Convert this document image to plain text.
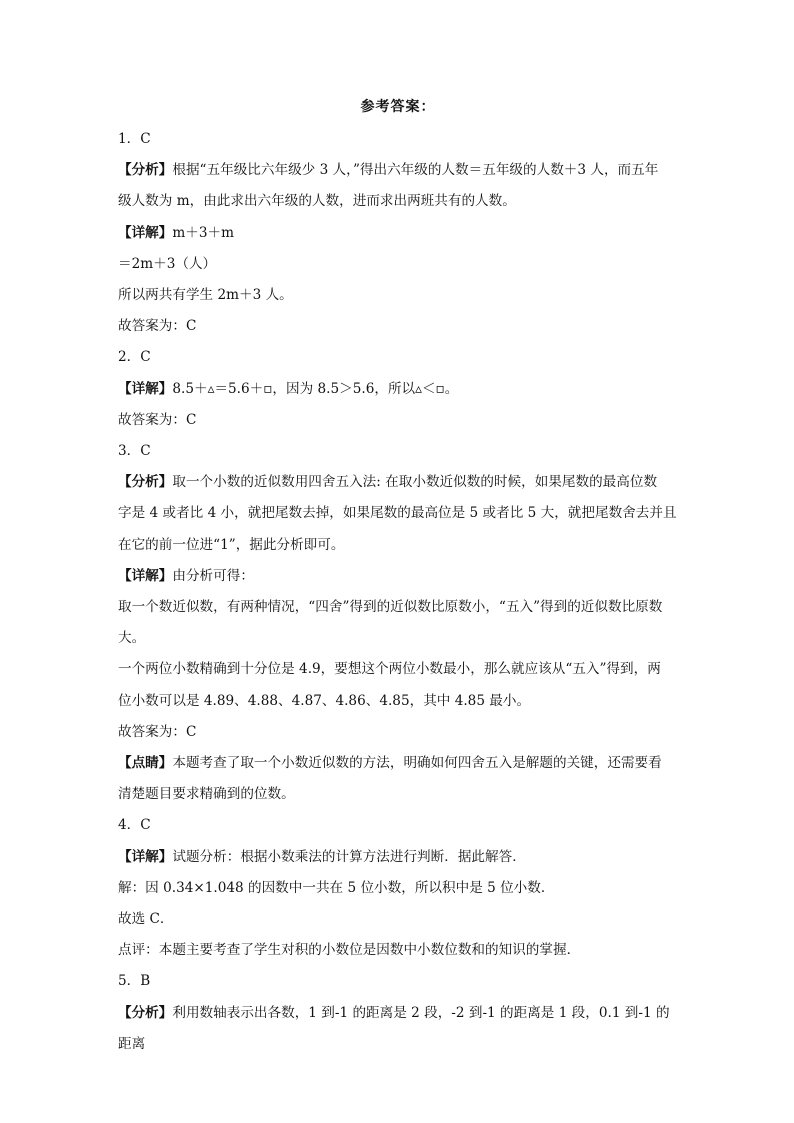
参考答案：
1．C
【分析】根据“五年级比六年级少 3 人，”得出六年级的人数＝五年级的人数＋3 人，而五年
级人数为 m，由此求出六年级的人数，进而求出两班共有的人数。
【详解】m＋3＋m
＝2m＋3（人）
所以两共有学生 2m＋3 人。
故答案为：C
2．C
【详解】8.5＋▵＝5.6＋▫，因为 8.5＞5.6，所以▵＜▫。
故答案为：C
3．C
【分析】取一个小数的近似数用四舍五入法: 在取小数近似数的时候，如果尾数的最高位数
字是 4 或者比 4 小，就把尾数去掉，如果尾数的最高位是 5 或者比 5 大，就把尾数舍去并且
在它的前一位进“1”，据此分析即可。
【详解】由分析可得：
取一个数近似数，有两种情况，“四舍”得到的近似数比原数小，“五入”得到的近似数比原数
大。
一个两位小数精确到十分位是 4.9，要想这个两位小数最小，那么就应该从“五入”得到，两
位小数可以是 4.89、4.88、4.87、4.86、4.85，其中 4.85 最小。
故答案为：C
【点睛】本题考查了取一个小数近似数的方法，明确如何四舍五入是解题的关键，还需要看
清楚题目要求精确到的位数。
4．C
【详解】试题分析：根据小数乘法的计算方法进行判断．据此解答．
解：因 0.34×1.048 的因数中一共在 5 位小数，所以积中是 5 位小数．
故选 C．
点评：本题主要考查了学生对积的小数位是因数中小数位数和的知识的掌握．
5．B
【分析】利用数轴表示出各数，1 到-1 的距离是 2 段，-2 到-1 的距离是 1 段，0.1 到-1 的距离
